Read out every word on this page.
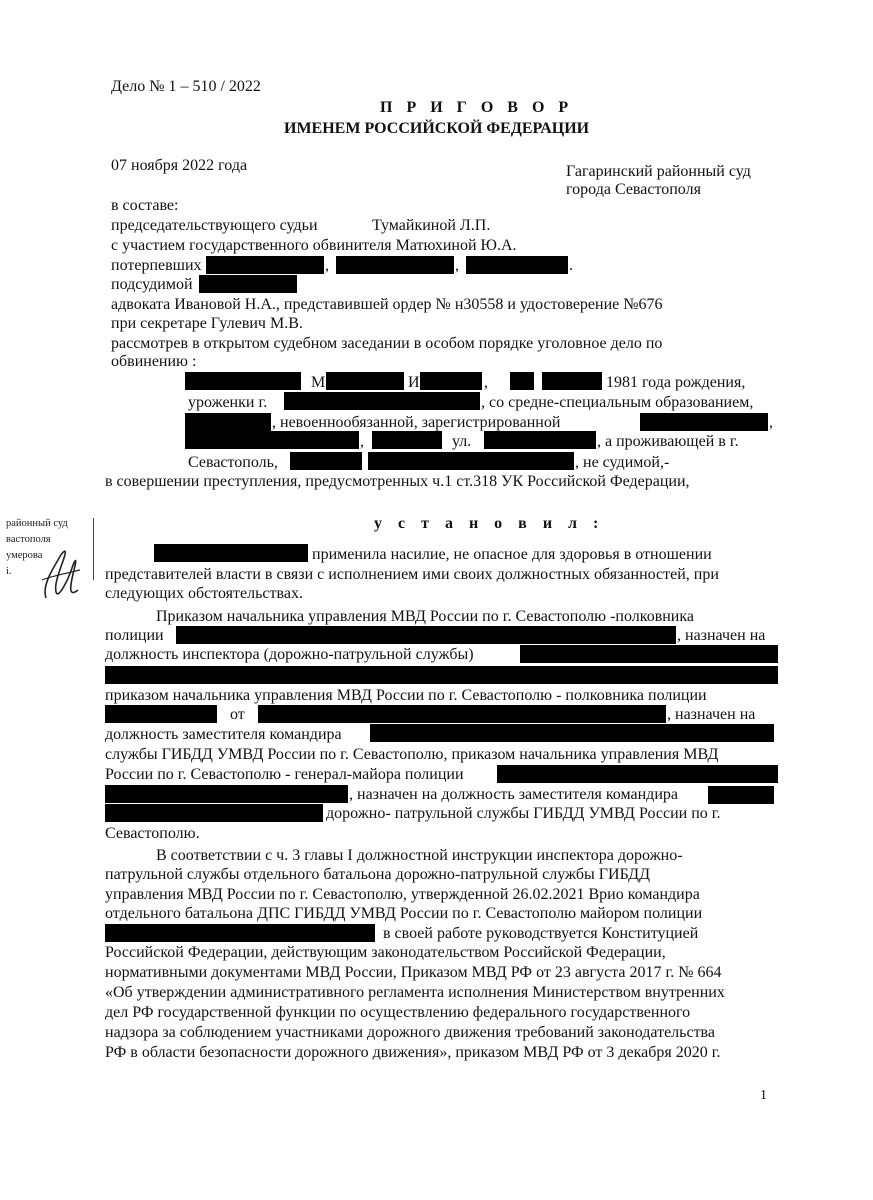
Дело № 1 – 510 / 2022
П Р И Г О В О Р
ИМЕНЕМ РОССИЙСКОЙ ФЕДЕРАЦИИ
07 ноября 2022 года	Гагаринский районный суд
города Севастополя
в составе:
председательствующего судьи	Тумайкиной Л.П.
с участием государственного обвинителя Матюхиной Ю.А.
потерпевших	,	,	.
подсудимой
адвоката Ивановой Н.А., представившей ордер № н30558 и удостоверение №676
при секретаре Гулевич М.В.
рассмотрев в открытом судебном заседании в особом порядке уголовное дело по
обвинению :
М	И	,	1981 года рождения,
уроженки г.	, со средне-специальным образованием,
, невоеннообязанной, зарегистрированной	,
,	ул.	, а проживающей в г.
Севастополь,	, не судимой,-
в совершении преступления, предусмотренных ч.1 ст.318 УК Российской Федерации,
районный суд
вастополя
умерова
і.
у с т а н о в и л :
применила насилие, не опасное для здоровья в отношении
представителей власти в связи с исполнением ими своих должностных обязанностей, при
следующих обстоятельствах.
Приказом начальника управления МВД России по г. Севастополю -полковника
полиции	, назначен на
должность инспектора (дорожно-патрульной службы)
приказом начальника управления МВД России по г. Севастополю - полковника полиции
от	, назначен на
должность заместителя командира
службы ГИБДД УМВД России по г. Севастополю, приказом начальника управления МВД
России по г. Севастополю - генерал-майора полиции
, назначен на должность заместителя командира
дорожно- патрульной службы ГИБДД УМВД России по г.
Севастополю.
В соответствии с ч. 3 главы I должностной инструкции инспектора дорожно-
патрульной службы отдельного батальона дорожно-патрульной службы ГИБДД
управления МВД России по г. Севастополю, утвержденной 26.02.2021 Врио командира
отдельного батальона ДПС ГИБДД УМВД России по г. Севастополю майором полиции
в своей работе руководствуется Конституцией
Российской Федерации, действующим законодательством Российской Федерации,
нормативными документами МВД России, Приказом МВД РФ от 23 августа 2017 г. № 664
«Об утверждении административного регламента исполнения Министерством внутренних
дел РФ государственной функции по осуществлению федерального государственного
надзора за соблюдением участниками дорожного движения требований законодательства
РФ в области безопасности дорожного движения», приказом МВД РФ от 3 декабря 2020 г.
1
